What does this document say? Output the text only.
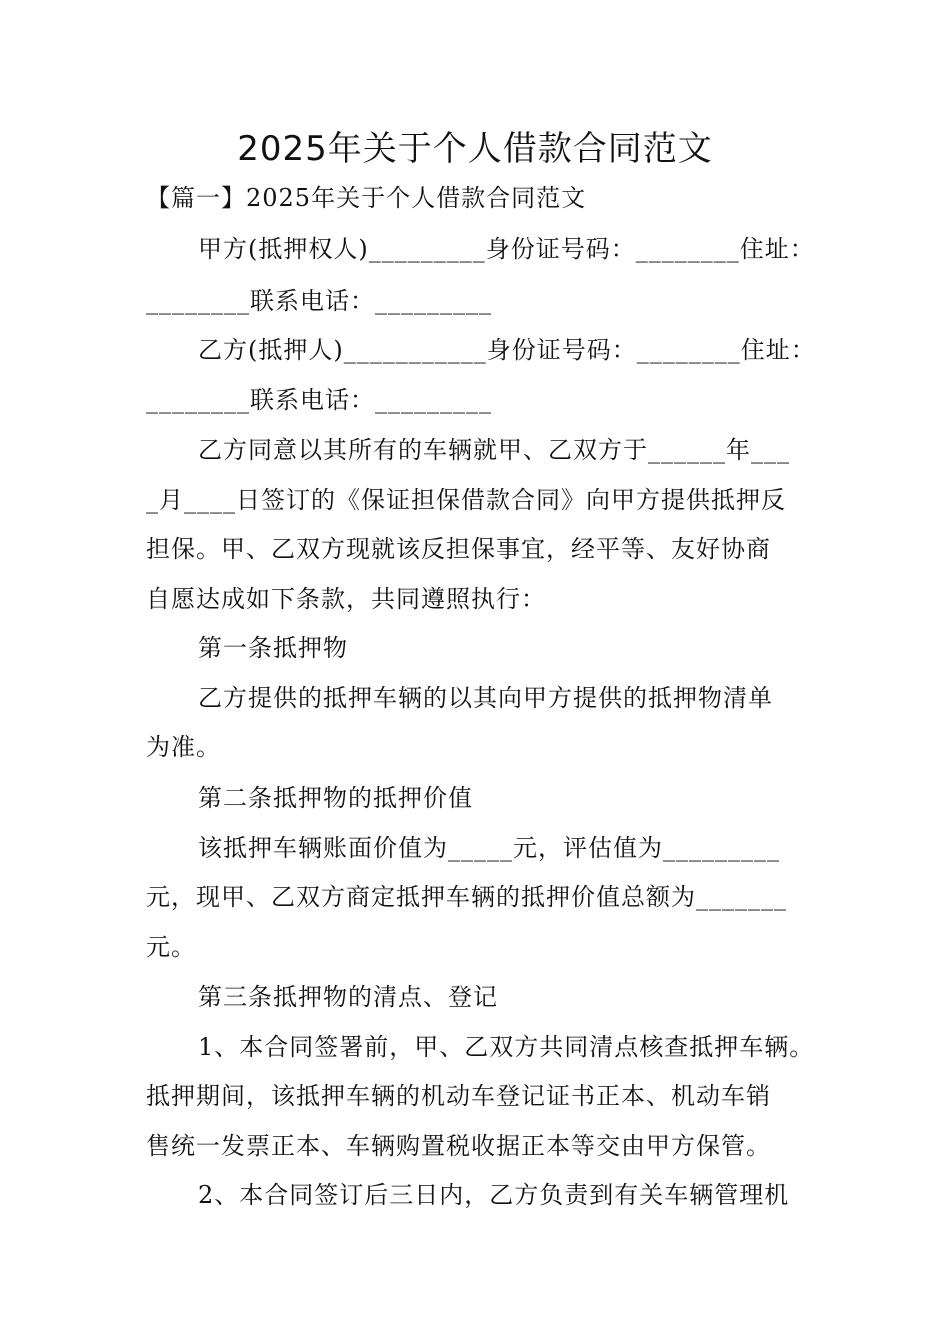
2025年关于个人借款合同范文
【篇一】2025年关于个人借款合同范文
甲方(抵押权人)_________身份证号码：________住址：
________联系电话：_________
乙方(抵押人)___________身份证号码：________住址：
________联系电话：_________
乙方同意以其所有的车辆就甲、乙双方于______年___
_月____日签订的《保证担保借款合同》向甲方提供抵押反
担保。甲、乙双方现就该反担保事宜，经平等、友好协商
自愿达成如下条款，共同遵照执行：
第一条抵押物
乙方提供的抵押车辆的以其向甲方提供的抵押物清单
为准。
第二条抵押物的抵押价值
该抵押车辆账面价值为_____元，评估值为_________
元，现甲、乙双方商定抵押车辆的抵押价值总额为_______
元。
第三条抵押物的清点、登记
1、本合同签署前，甲、乙双方共同清点核查抵押车辆。
抵押期间，该抵押车辆的机动车登记证书正本、机动车销
售统一发票正本、车辆购置税收据正本等交由甲方保管。
2、本合同签订后三日内，乙方负责到有关车辆管理机
